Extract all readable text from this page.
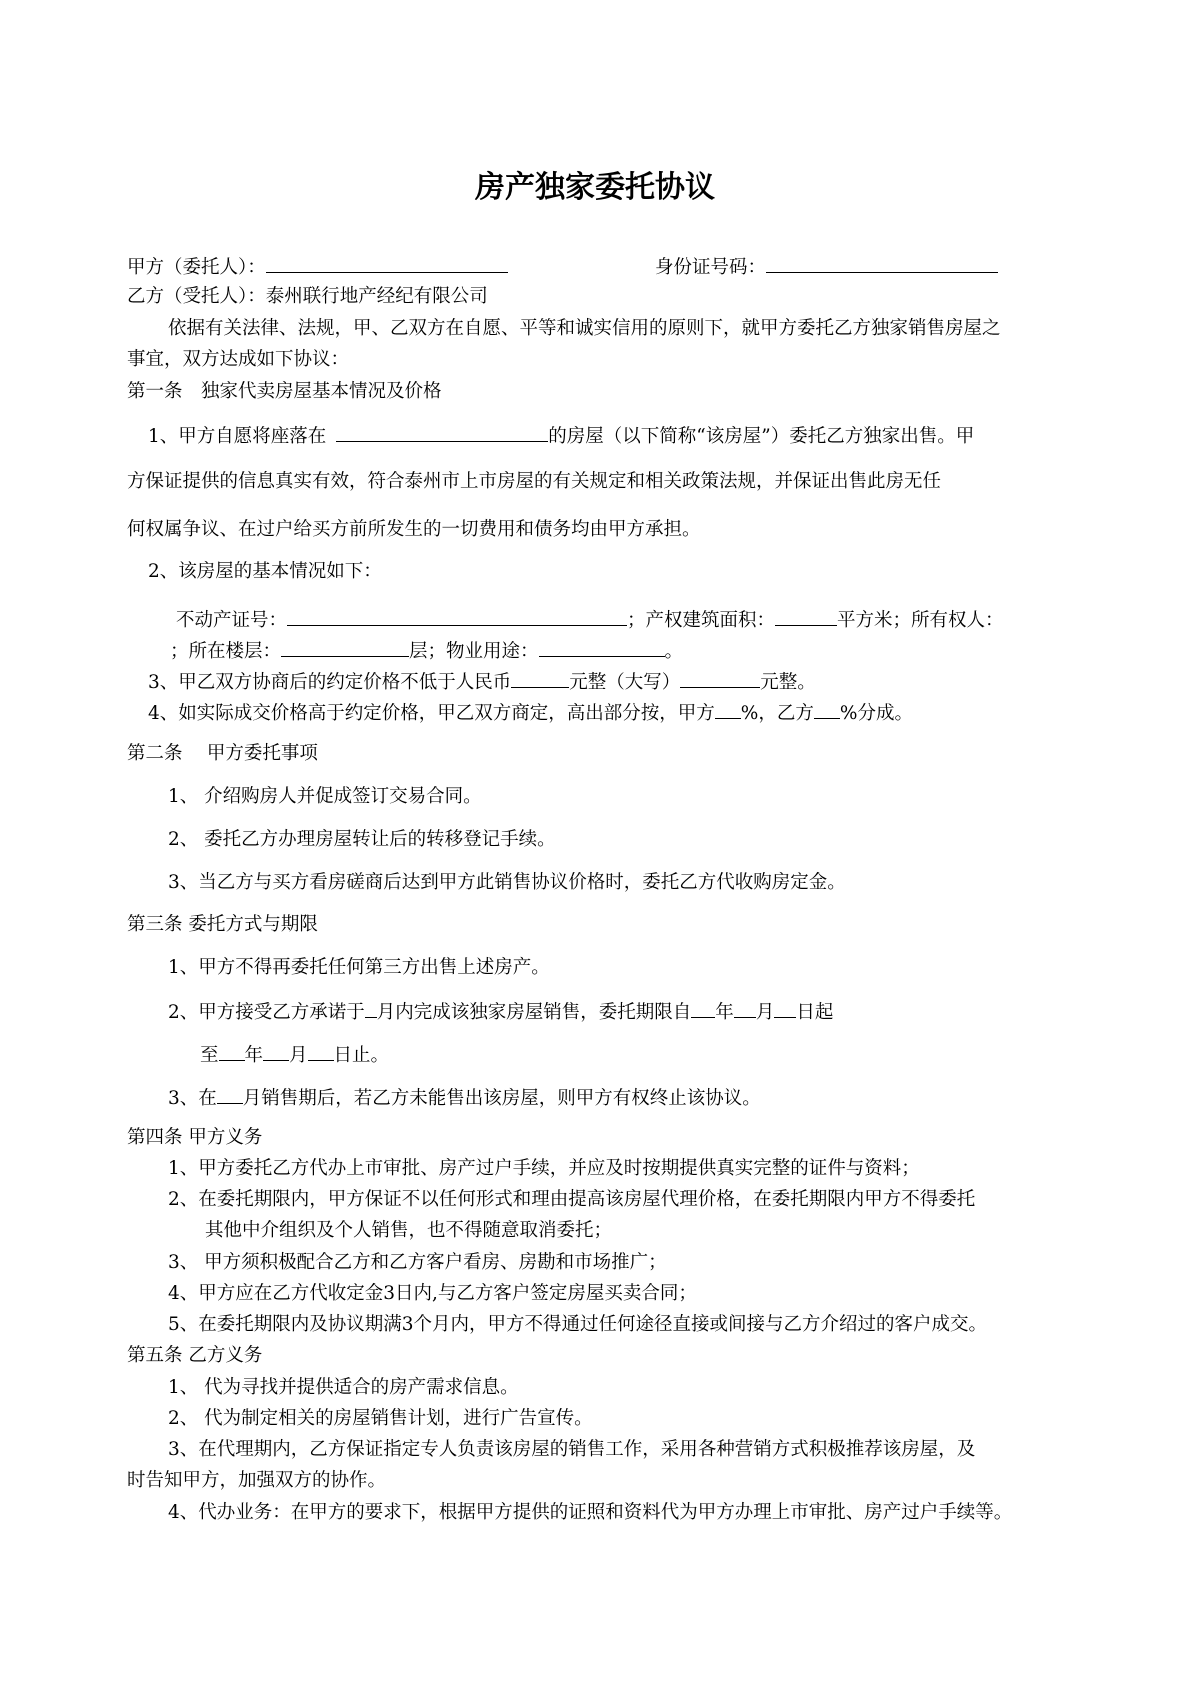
房产独家委托协议
甲方（委托人）：	身份证号码：
乙方（受托人）：泰州联行地产经纪有限公司
依据有关法律、法规，甲、乙双方在自愿、平等和诚实信用的原则下，就甲方委托乙方独家销售房屋之
事宜，双方达成如下协议：
第一条　独家代卖房屋基本情况及价格
1、甲方自愿将座落在	的房屋（以下简称“该房屋”）委托乙方独家出售。甲
方保证提供的信息真实有效，符合泰州市上市房屋的有关规定和相关政策法规，并保证出售此房无任
何权属争议、在过户给买方前所发生的一切费用和债务均由甲方承担。
2、该房屋的基本情况如下：
不动产证号：	；产权建筑面积：	平方米；所有权人：
；所在楼层：	层；物业用途：	。
3、甲乙双方协商后的约定价格不低于人民币	元整（大写）	元整。
4、如实际成交价格高于约定价格，甲乙双方商定，高出部分按，甲方 %，乙方 %分成。
第二条　 甲方委托事项
1、 介绍购房人并促成签订交易合同。
2、 委托乙方办理房屋转让后的转移登记手续。
3、当乙方与买方看房磋商后达到甲方此销售协议价格时，委托乙方代收购房定金。
第三条 委托方式与期限
1、甲方不得再委托任何第三方出售上述房产。
2、甲方接受乙方承诺于 月内完成该独家房屋销售，委托期限自 年 月 日起
至 年 月 日止。
3、在 月销售期后，若乙方未能售出该房屋，则甲方有权终止该协议。
第四条 甲方义务
1、甲方委托乙方代办上市审批、房产过户手续，并应及时按期提供真实完整的证件与资料；
2、在委托期限内，甲方保证不以任何形式和理由提高该房屋代理价格，在委托期限内甲方不得委托
其他中介组织及个人销售，也不得随意取消委托；
3、 甲方须积极配合乙方和乙方客户看房、房勘和市场推广；
4、甲方应在乙方代收定金3日内,与乙方客户签定房屋买卖合同；
5、在委托期限内及协议期满3个月内，甲方不得通过任何途径直接或间接与乙方介绍过的客户成交。
第五条 乙方义务
1、 代为寻找并提供适合的房产需求信息。
2、 代为制定相关的房屋销售计划，进行广告宣传。
3、在代理期内，乙方保证指定专人负责该房屋的销售工作，采用各种营销方式积极推荐该房屋，及
时告知甲方，加强双方的协作。
4、代办业务：在甲方的要求下，根据甲方提供的证照和资料代为甲方办理上市审批、房产过户手续等。
